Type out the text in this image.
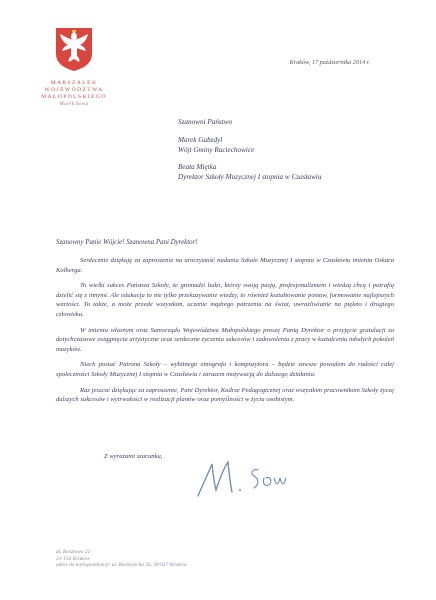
MARSZAŁEK
WOJEWÓDZTWA
MAŁOPOLSKIEGO
Marek Sowa
Kraków, 17 października 2014 r.
Szanowni Państwo
Marek Gabzdyl
Wójt Gminy Raciechowice
Beata Miętka
Dyrektor Szkoły Muzycznej I stopnia w Czasławiu
Szanowny Panie Wójcie! Szanowna Pani Dyrektor!

Serdecznie dziękuję za zaproszenie na uroczystość nadania Szkole Muzycznej I stopnia w Czasławiu imienia Oskara Kolberga.

To wielki sukces Państwa Szkoły, że gromadzi ludzi, którzy swoją pasją, profesjonalizmem i wiedzą chcą i potrafią dzielić się z innymi. Ale edukacja to nie tylko przekazywanie wiedzy, to również kształtowanie postaw, formowanie najlepszych wartości. To także, a może przede wszystkim, uczenie mądrego patrzenia na świat, uwrażliwianie na piękno i drugiego człowieka.

W imieniu własnym oraz Samorządu Województwa Małopolskiego proszę Panią Dyrektor o przyjęcie gratulacji za dotychczasowe osiągnięcia artystyczne oraz serdeczne życzenia sukcesów i zadowolenia z pracy w kształceniu młodych pokoleń muzyków.

Niech postać Patrona Szkoły – wybitnego etnografa i kompozytora – będzie zawsze powodem do radości całej społeczności Szkoły Muzycznej I stopnia w Czasławiu i zarazem motywacją do dalszego działania.

Raz jeszcze dziękując za zaproszenie, Pani Dyrektor, Kadrze Pedagogicznej oraz wszystkim pracownikom Szkoły życzę dalszych sukcesów i wytrwałości w realizacji planów oraz pomyślności w życiu osobistym.

Z wyrazami szacunku,
ul. Basztowa 22
31-156 Kraków
adres do korespondencji: ul. Racławicka 56, 30-017 Kraków
